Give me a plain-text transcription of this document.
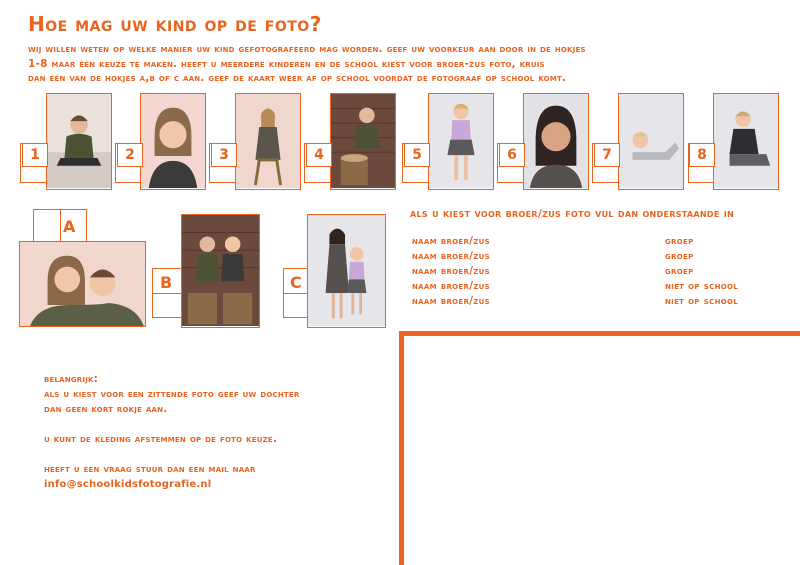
Hoe mag uw kind op de foto?
wij willen weten op welke manier uw kind gefotografeerd mag worden. geef uw voorkeur aan door in de hokjes
1-8 maar één keuze te maken. heeft u meerdere kinderen en de school kiest voor broer-zus foto, kruis
dan één van de hokjes a,b of c aan. geef de kaart weer af op school voordat de fotograaf op school komt.
1	2	3	4	5	6	7	8
A
B	C
als u kiest voor broer/zus foto vul dan onderstaande in
naam broer/zus	groep
naam broer/zus	groep
naam broer/zus	groep
naam broer/zus	niet op school
naam broer/zus	niet op school
belangrijk:
als u kiest voor een zittende foto geef uw dochter
dan geen kort rokje aan.
u kunt de kleding afstemmen op de foto keuze.
heeft u een vraag stuur dan een mail naar
info@schoolkidsfotografie.nl
